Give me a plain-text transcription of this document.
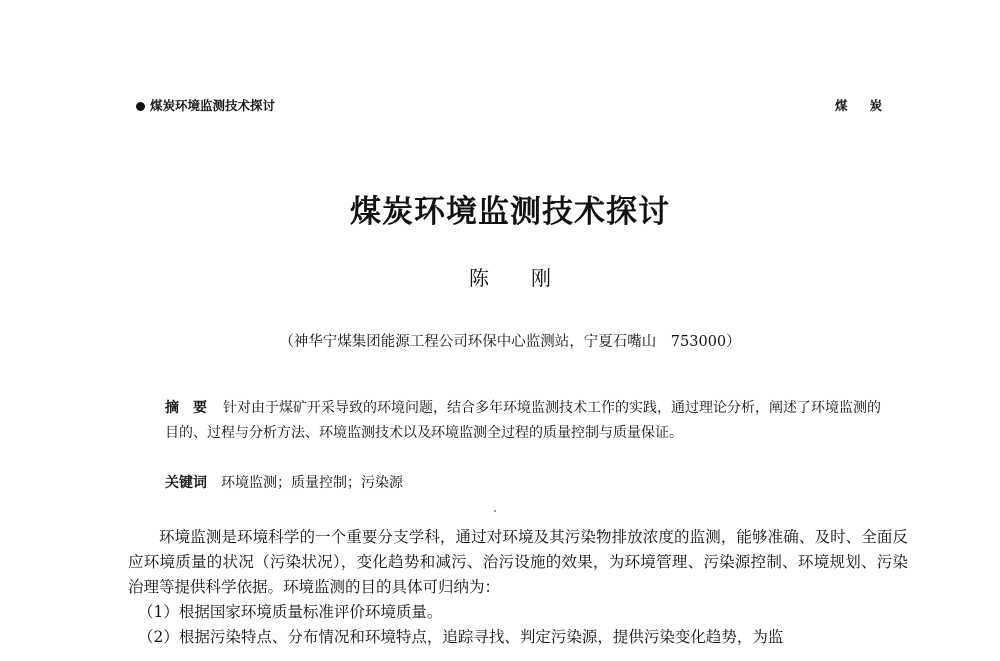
煤炭环境监测技术探讨	煤炭
煤炭环境监测技术探讨
陈刚
（神华宁煤集团能源工程公司环保中心监测站，宁夏石嘴山　753000）
摘要 针对由于煤矿开采导致的环境问题，结合多年环境监测技术工作的实践，通过理论分析，阐述了环境监测的目的、过程与分析方法、环境监测技术以及环境监测全过程的质量控制与质量保证。
关键词 环境监测；质量控制；污染源

环境监测是环境科学的一个重要分支学科，通过对环境及其污染物排放浓度的监测，能够准确、及时、全面反应环境质量的状况（污染状况），变化趋势和减污、治污设施的效果，为环境管理、污染源控制、环境规划、污染治理等提供科学依据。环境监测的目的具体可归纳为：

（1）根据国家环境质量标准评价环境质量。

（2）根据污染特点、分布情况和环境特点，追踪寻找、判定污染源，提供污染变化趋势，为监
